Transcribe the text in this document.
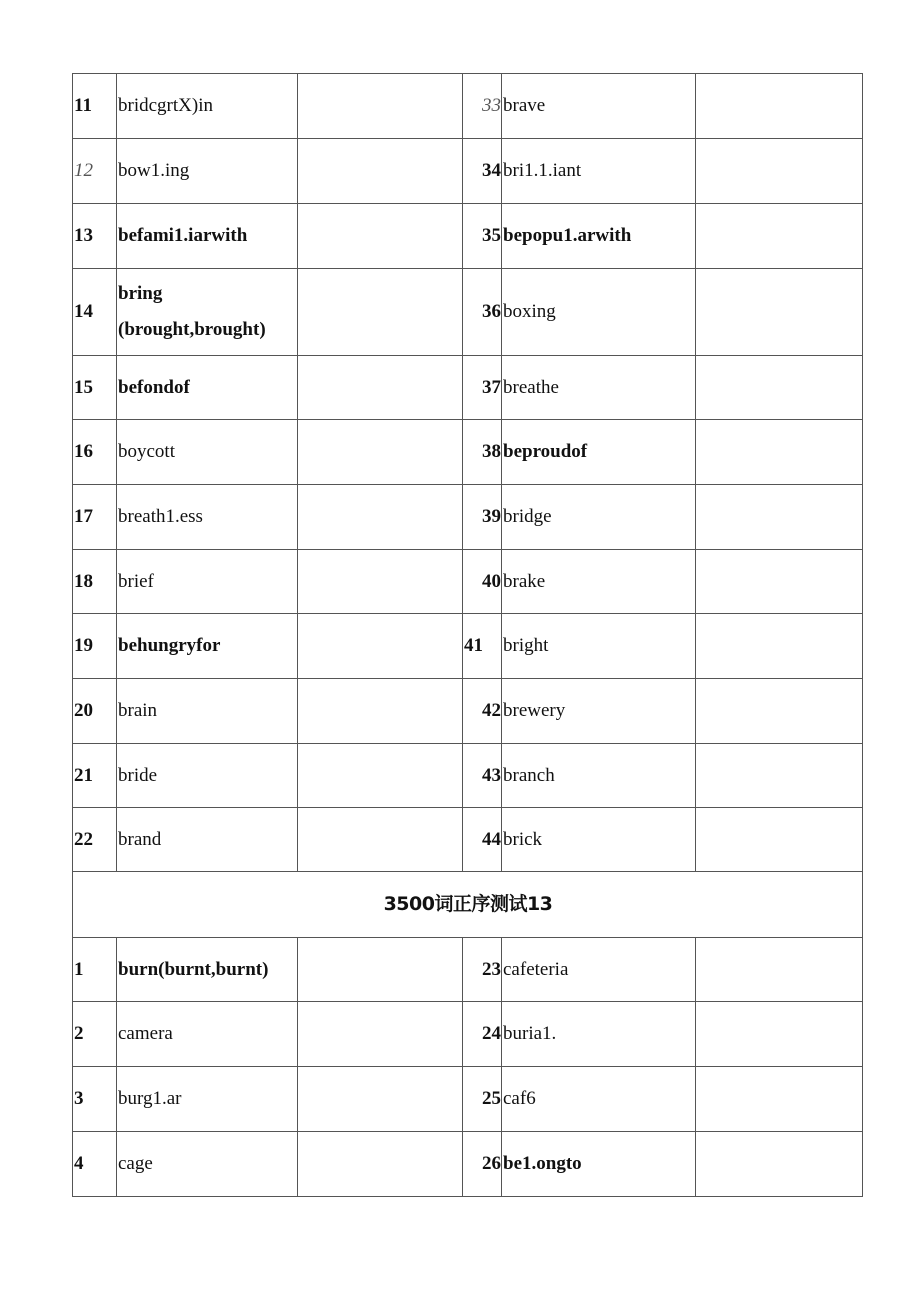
11	bridcgrtX)in		33	brave	
12	bow1.ing		34	bri1.1.iant	
13	befami1.iarwith		35	bepopu1.arwith	
14	bring
(brought,brought)		36	boxing	
15	befondof		37	breathe	
16	boycott		38	beproudof	
17	breath1.ess		39	bridge	
18	brief		40	brake	
19	behungryfor		41	bright	
20	brain		42	brewery	
21	bride		43	branch	
22	brand		44	brick	
3500词正序测试13					
1	burn(burnt,burnt)		23	cafeteria	
2	camera		24	buria1.	
3	burg1.ar		25	caf6	
4	cage		26	be1.ongto	
